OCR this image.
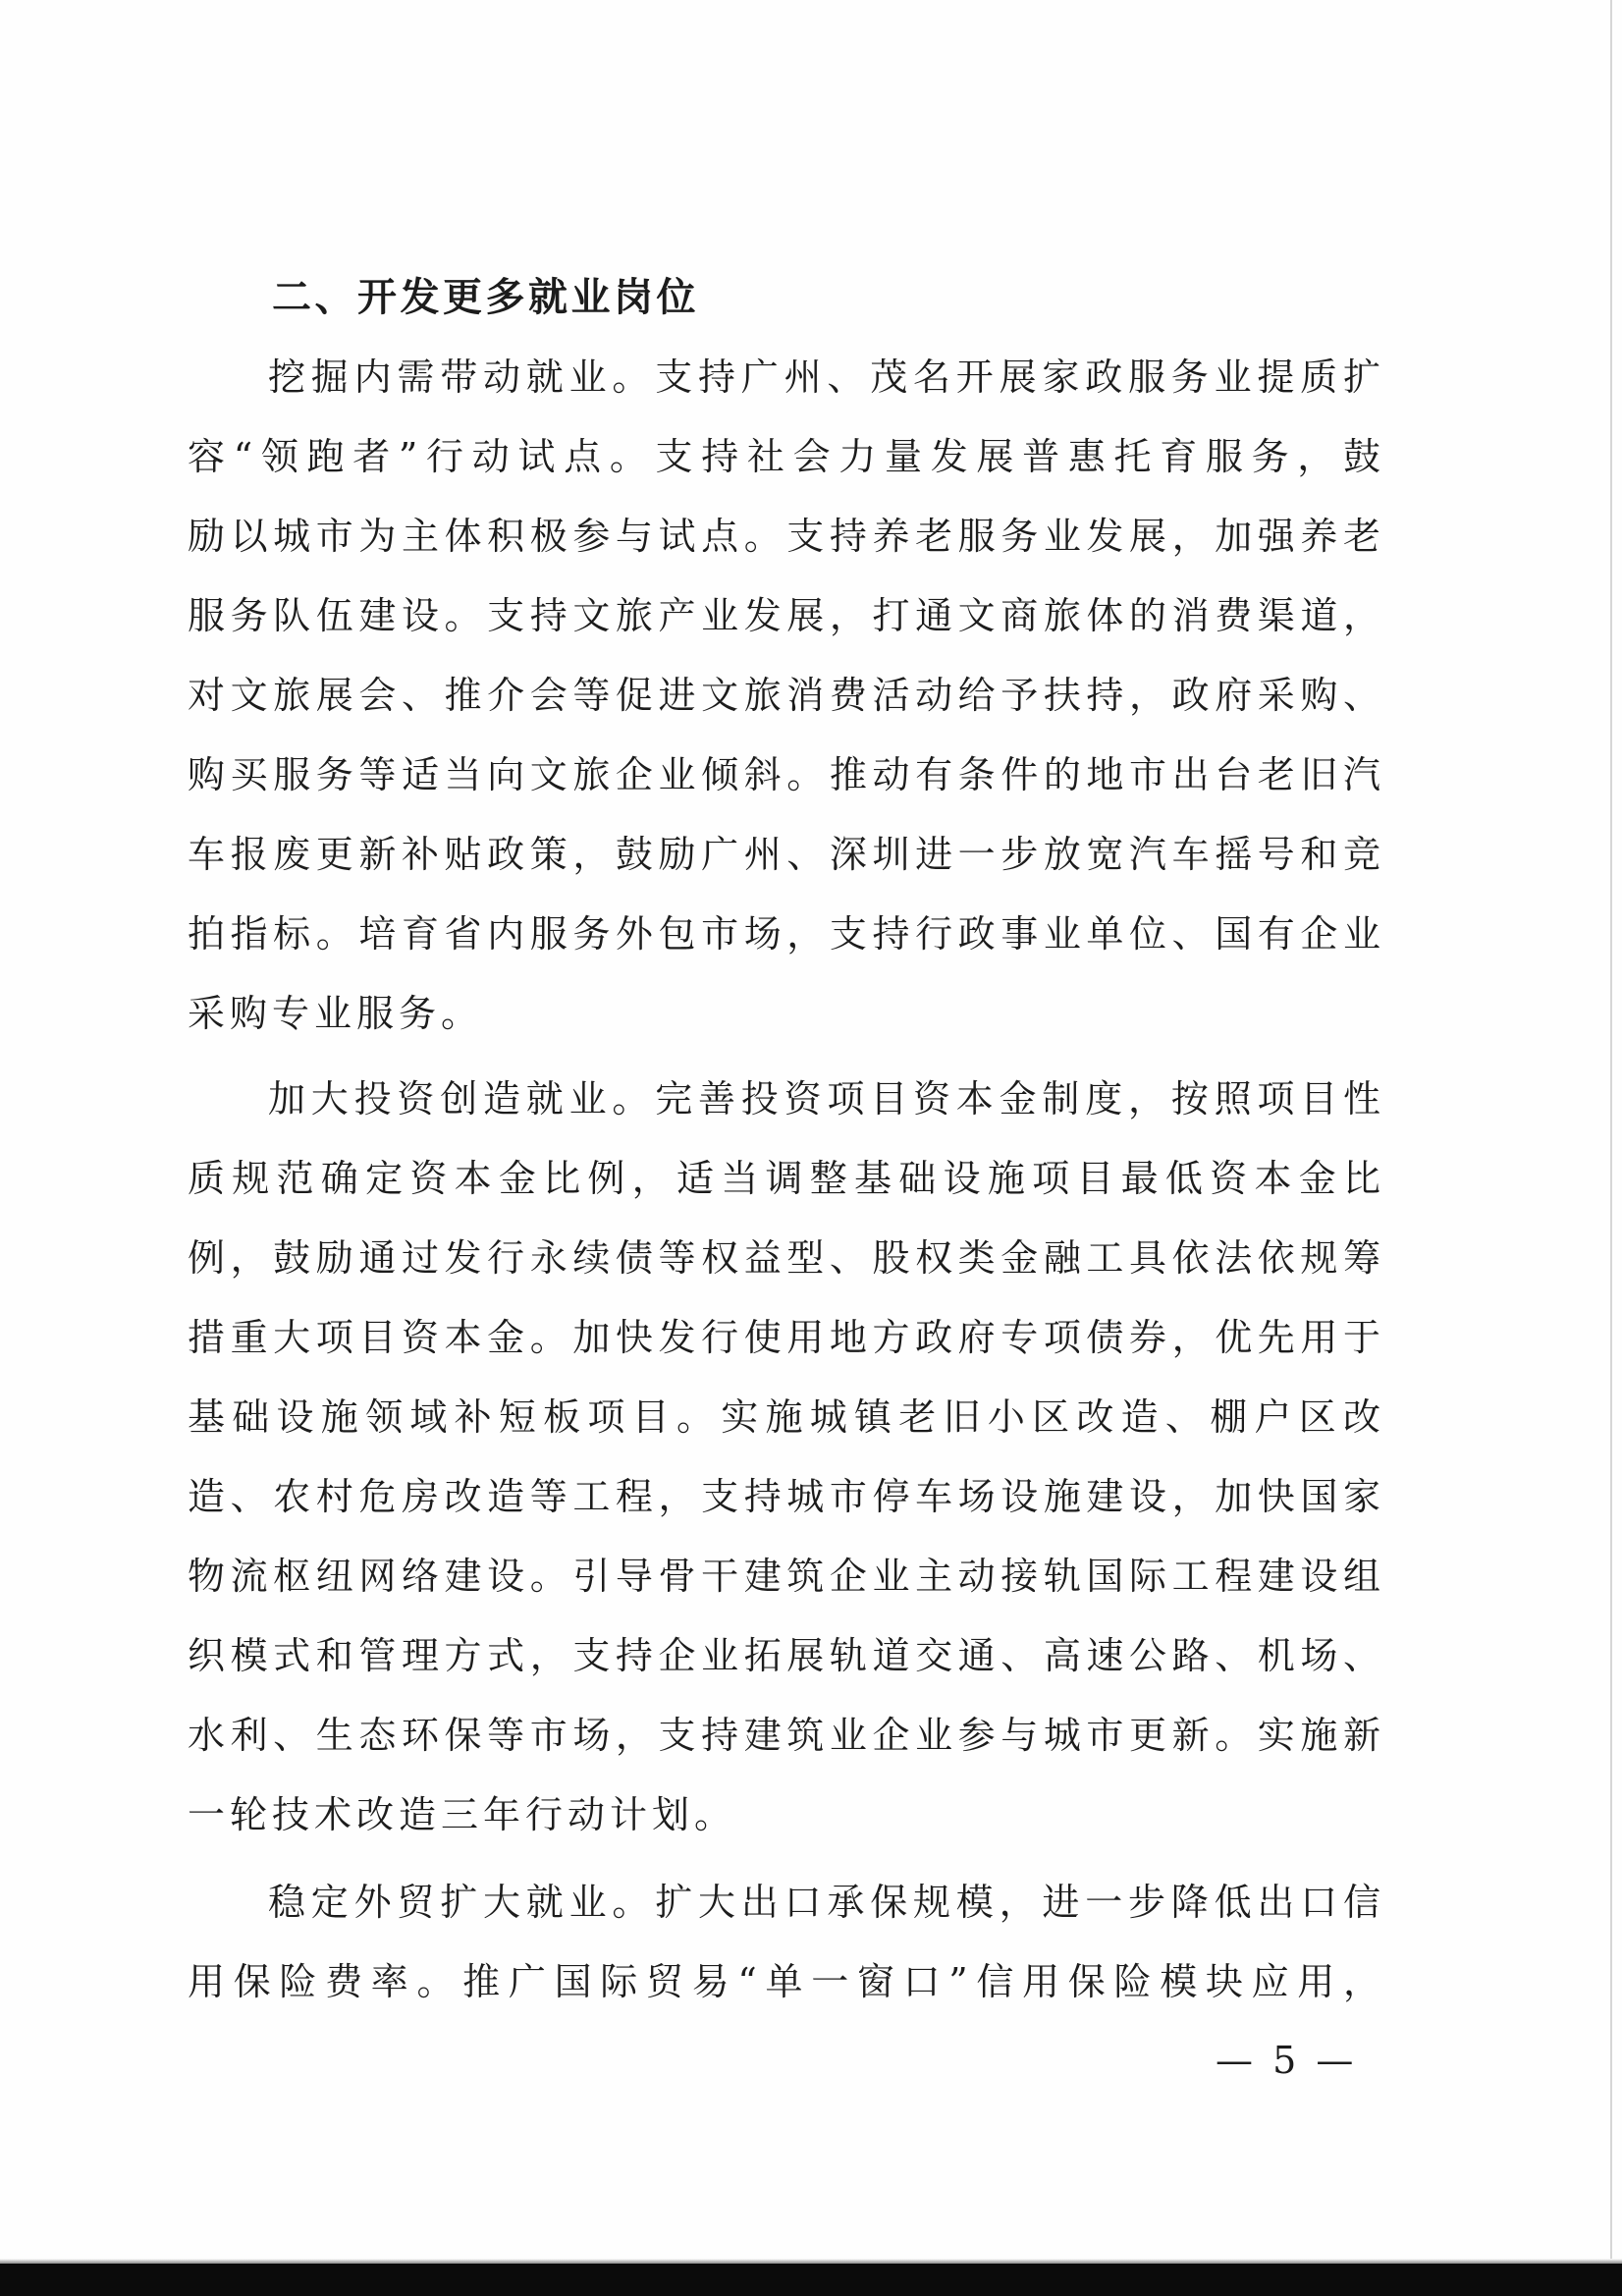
二、开发更多就业岗位
挖掘内需带动就业。支持广州、茂名开展家政服务业提质扩
容“领跑者”行动试点。支持社会力量发展普惠托育服务，鼓
励以城市为主体积极参与试点。支持养老服务业发展，加强养老
服务队伍建设。支持文旅产业发展，打通文商旅体的消费渠道，
对文旅展会、推介会等促进文旅消费活动给予扶持，政府采购、
购买服务等适当向文旅企业倾斜。推动有条件的地市出台老旧汽
车报废更新补贴政策，鼓励广州、深圳进一步放宽汽车摇号和竞
拍指标。培育省内服务外包市场，支持行政事业单位、国有企业
采购专业服务。
加大投资创造就业。完善投资项目资本金制度，按照项目性
质规范确定资本金比例，适当调整基础设施项目最低资本金比
例，鼓励通过发行永续债等权益型、股权类金融工具依法依规筹
措重大项目资本金。加快发行使用地方政府专项债券，优先用于
基础设施领域补短板项目。实施城镇老旧小区改造、棚户区改
造、农村危房改造等工程，支持城市停车场设施建设，加快国家
物流枢纽网络建设。引导骨干建筑企业主动接轨国际工程建设组
织模式和管理方式，支持企业拓展轨道交通、高速公路、机场、
水利、生态环保等市场，支持建筑业企业参与城市更新。实施新
一轮技术改造三年行动计划。
稳定外贸扩大就业。扩大出口承保规模，进一步降低出口信
用保险费率。推广国际贸易“单一窗口”信用保险模块应用，
— 5 —
